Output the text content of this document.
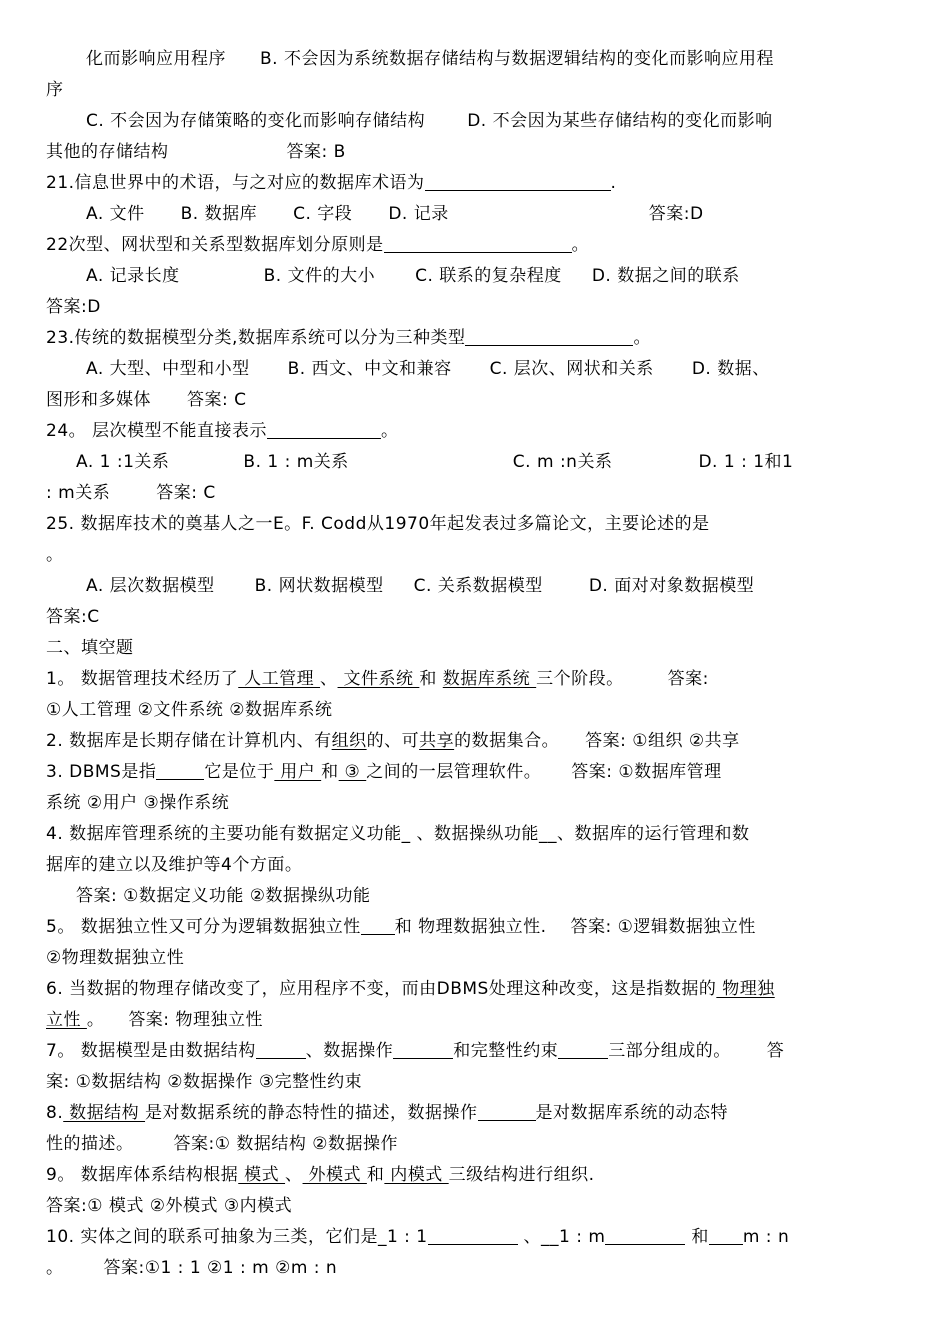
化而影响应用程序 B. 不会因为系统数据存储结构与数据逻辑结构的变化而影响应用程
序
C. 不会因为存储策略的变化而影响存储结构 D. 不会因为某些存储结构的变化而影响
其他的存储结构	答案: B
21.信息世界中的术语，与之对应的数据库术语为	.
A. 文件 B. 数据库 C. 字段 D. 记录	答案:D
22次型、网状型和关系型数据库划分原则是	。
A. 记录长度	B. 文件的大小 C. 联系的复杂程度 D. 数据之间的联系
答案:D
23.传统的数据模型分类,数据库系统可以分为三种类型	。
A. 大型、中型和小型 B. 西文、中文和兼容 C. 层次、网状和关系 D. 数据、
图形和多媒体 答案: C
24。 层次模型不能直接表示	。
A. 1 :1关系	B. 1 : m关系	C. m :n关系	D. 1 : 1和1
: m关系	答案: C
25. 数据库技术的奠基人之一E。F. Codd从1970年起发表过多篇论文，主要论述的是
。
A. 层次数据模型 B. 网状数据模型 C. 关系数据模型	D. 面对对象数据模型
答案:C
二、填空题
1。 数据管理技术经历了 人工管理 、 文件系统 和 数据库系统 三个阶段。	答案:
①人工管理 ②文件系统 ②数据库系统
2. 数据库是长期存储在计算机内、有组织的、可共享的数据集合。 答案: ①组织 ②共享
3. DBMS是指	它是位于 用户 和 ③ 之间的一层管理软件。 答案: ①数据库管理
系统 ②用户 ③操作系统
4. 数据库管理系统的主要功能有数据定义功能_ 、数据操纵功能__、数据库的运行管理和数
据库的建立以及维护等4个方面。
答案: ①数据定义功能 ②数据操纵功能
5。 数据独立性又可分为逻辑数据独立性 和 物理数据独立性. 答案: ①逻辑数据独立性
②物理数据独立性
6. 当数据的物理存储改变了，应用程序不变，而由DBMS处理这种改变，这是指数据的 物理独
立性 。 答案: 物理独立性
7。 数据模型是由数据结构	、数据操作	和完整性约束	三部分组成的。 答
案: ①数据结构 ②数据操作 ③完整性约束
8. 数据结构 是对数据系统的静态特性的描述，数据操作	是对数据库系统的动态特
性的描述。 答案:① 数据结构 ②数据操作
9。 数据库体系结构根据 模式 、 外模式 和 内模式 三级结构进行组织.
答案:① 模式 ②外模式 ③内模式
10. 实体之间的联系可抽象为三类，它们是_1 : 1	、__1 : m	和 m : n
。 答案:①1 : 1 ②1 : m ②m : n
